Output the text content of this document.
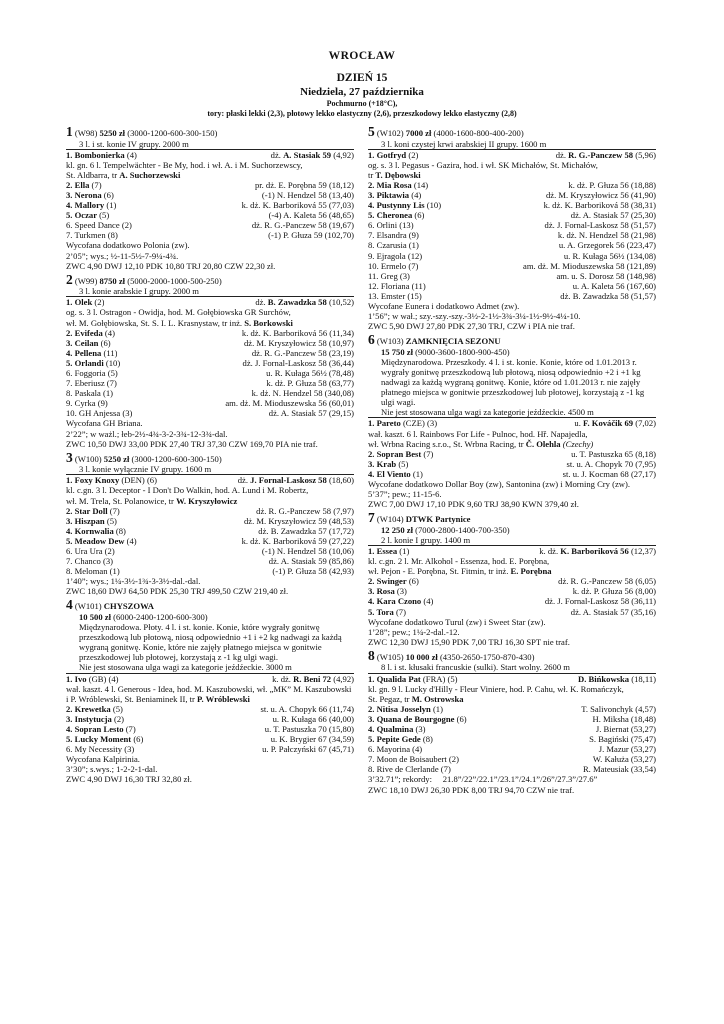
WROCŁAW
DZIEŃ 15
Niedziela, 27 października
Pochmurno (+18°C),
tory: płaski lekki (2,3), płotowy lekko elastyczny (2,6), przeszkodowy lekko elastyczny (2,8)
1 (W98) 5250 zł (3000-1200-600-300-150)
3 l. i st. konie IV grupy. 2000 m
1. Bombonierka (4)	dż. A. Stasiak 59 (4,92)
kl. gn. 6 l. Tempelwächter - Be My, hod. i wł. A. i M. Suchorzewscy,
St. Aldbarra, tr A. Suchorzewski
2. Ella (7)	pr. dż. E. Porębna 59 (18,12)
3. Nerona (6)	(-1) N. Hendzel 58 (13,40)
4. Mallory (1)	k. dż. K. Barboriková 55 (77,03)
5. Oczar (5)	(-4) A. Kaleta 56 (48,65)
6. Speed Dance (2)	dż. R. G.-Panczew 58 (19,67)
7. Turkmen (8)	(-1) P. Głuza 59 (102,70)
Wycofana dodatkowo Polonia (zw).
2’05”; wys.; ½-11-5½-7-9¼-4¾.
ZWC 4,90 DWJ 12,10 PDK 10,80 TRJ 20,80 CZW 22,30 zł.
2 (W99) 8750 zł (5000-2000-1000-500-250)
3 l. konie arabskie I grupy. 2000 m
1. Olek (2)	dż. B. Zawadzka 58 (10,52)
og. s. 3 l. Ostragon - Owidja, hod. M. Gołębiowska GR Surchów,
wł. M. Gołębiowska, St. S. I. L. Krasnystaw, tr inż. S. Borkowski
2. Evifeda (4)	k. dż. K. Barboriková 56 (11,34)
3. Ceilan (6)	dż. M. Kryszyłowicz 58 (10,97)
4. Pellena (11)	dż. R. G.-Panczew 58 (23,19)
5. Orlandi (10)	dż. J. Fornal-Laskosz 58 (36,44)
6. Foggoria (5)	u. R. Kułaga 56½ (78,48)
7. Eberiusz (7)	k. dż. P. Głuza 58 (63,77)
8. Paskala (1)	k. dż. N. Hendzel 58 (340,08)
9. Cyrka (9)	am. dż. M. Mioduszewska 56 (60,01)
10. GH Anjessa (3)	dż. A. Stasiak 57 (29,15)
Wycofana GH Briana.
2’22”; w ważl.; łeb-2½-4¾-3-2-3¾-12-3¾-dal.
ZWC 10,50 DWJ 33,00 PDK 27,40 TRJ 37,30 CZW 169,70 PIA nie traf.
3 (W100) 5250 zł (3000-1200-600-300-150)
3 l. konie wyłącznie IV grupy. 1600 m
1. Foxy Knoxy (DEN) (6)	dż. J. Fornal-Laskosz 58 (18,60)
kl. c.gn. 3 l. Deceptor - I Don't Do Walkin, hod. A. Lund i M. Robertz,
wł. M. Trela, St. Polanowice, tr W. Kryszyłowicz
2. Star Doll (7)	dż. R. G.-Panczew 58 (7,97)
3. Hiszpan (5)	dż. M. Kryszyłowicz 59 (48,53)
4. Kornwalia (8)	dż. B. Zawadzka 57 (17,72)
5. Meadow Dew (4)	k. dż. K. Barboriková 59 (27,22)
6. Ura Ura (2)	(-1) N. Hendzel 58 (10,06)
7. Chanco (3)	dż. A. Stasiak 59 (85,86)
8. Meloman (1)	(-1) P. Głuza 58 (42,93)
1’40”; wys.; 1¼-3½-1¾-3-3½-dal.-dal.
ZWC 18,60 DWJ 64,50 PDK 25,30 TRJ 499,50 CZW 219,40 zł.
4 (W101) CHYSZOWA
10 500 zł (6000-2400-1200-600-300)
Międzynarodowa. Płoty. 4 l. i st. konie. Konie, które wygrały gonitwę przeszkodową lub płotową, niosą odpowiednio +1 i +2 kg nadwagi za każdą wygraną gonitwę. Konie, które nie zajęły płatnego miejsca w gonitwie przeszkodowej lub płotowej, korzystają z -1 kg ulgi wagi.
Nie jest stosowana ulga wagi za kategorie jeźdźeckie. 3000 m
1. Ivo (GB) (4)	k. dż. R. Beni 72 (4,92)
wał. kaszt. 4 l. Generous - Idea, hod. M. Kaszubowski, wł. „MK” M. Kaszubowski i P. Wróblewski, St. Beniaminek II, tr P. Wróblewski
2. Krewetka (5)	st. u. A. Chopyk 66 (11,74)
3. Instytucja (2)	u. R. Kułaga 66 (40,00)
4. Sopran Lesto (7)	u. T. Pastuszka 70 (15,80)
5. Lucky Moment (6)	u. K. Brygier 67 (34,59)
6. My Necessity (3)	u. P. Pałczyński 67 (45,71)
Wycofana Kalpirinia.
3’30”; s.wys.; 1-2-2-1-dal.
ZWC 4,90 DWJ 16,30 TRJ 32,80 zł.
5 (W102) 7000 zł (4000-1600-800-400-200)
3 l. koni czystej krwi arabskiej II grupy. 1600 m
1. Gotfryd (2)	dż. R. G.-Panczew 58 (5,96)
og. s. 3 l. Pegasus - Gazira, hod. i wł. SK Michałów, St. Michałów,
tr T. Dębowski
2. Mia Rosa (14)	k. dż. P. Głuza 56 (18,88)
3. Piktawia (4)	dż. M. Kryszyłowicz 56 (41,90)
4. Pustynny Lis (10)	k. dż. K. Barboriková 58 (38,31)
5. Cheronea (6)	dż. A. Stasiak 57 (25,30)
6. Orlini (13)	dż. J. Fornal-Laskosz 58 (51,57)
7. Elsandra (9)	k. dż. N. Hendzel 58 (21,98)
8. Czarusia (1)	u. A. Grzegorek 56 (223,47)
9. Ejragola (12)	u. R. Kułaga 56½ (134,08)
10. Ermelo (7)	am. dż. M. Mioduszewska 58 (121,89)
11. Greg (3)	am. u. S. Dorosz 58 (148,98)
12. Floriana (11)	u. A. Kaleta 56 (167,60)
13. Emster (15)	dż. B. Zawadzka 58 (51,57)
Wycofane Eunera i dodatkowo Admet (zw).
1’56”; w wał.; szy.-szy.-szy.-3½-2-1½-3¾-3¼-1½-9½-4¼-10.
ZWC 5,90 DWJ 27,80 PDK 27,30 TRJ, CZW i PIA nie traf.
6 (W103) ZAMKNIĘCIA SEZONU
15 750 zł (9000-3600-1800-900-450)
Międzynarodowa. Przeszkody. 4 l. i st. konie. Konie, które od 1.01.2013 r. wygrały gonitwę przeszkodową lub płotową, niosą odpowiednio +2 i +1 kg nadwagi za każdą wygraną gonitwę. Konie, które od 1.01.2013 r. nie zajęły płatnego miejsca w gonitwie przeszkodowej lub płotowej, korzystają z -1 kg ulgi wagi.
Nie jest stosowana ulga wagi za kategorie jeźdźeckie. 4500 m
1. Pareto (CZE) (3)	u. F. Kováčik 69 (7,02)
wał. kaszt. 6 l. Rainbows For Life - Pulnoc, hod. Hř. Napajedla,
wł. Wrbna Racing s.r.o., St. Wrbna Racing, tr Č. Olehla (Czechy)
2. Sopran Best (7)	u. T. Pastuszka 65 (8,18)
3. Krab (5)	st. u. A. Chopyk 70 (7,95)
4. El Viento (1)	st. u. J. Kocman 68 (27,17)
Wycofane dodatkowo Dollar Boy (zw), Santonina (zw) i Morning Cry (zw).
5’37”; pew.; 11-15-6.
ZWC 7,00 DWJ 17,10 PDK 9,60 TRJ 38,90 KWN 379,40 zł.
7 (W104) DTWK Partynice
12 250 zł (7000-2800-1400-700-350)
2 l. konie I grupy. 1400 m
1. Essea (1)	k. dż. K. Barboriková 56 (12,37)
kl. c.gn. 2 l. Mr. Alkohol - Essenza, hod. E. Porębna,
wł. Pejon - E. Porębna, St. Fitmin, tr inż. E. Porębna
2. Swinger (6)	dż. R. G.-Panczew 58 (6,05)
3. Rosa (3)	k. dż. P. Głuza 56 (8,00)
4. Kara Czono (4)	dż. J. Fornal-Laskosz 58 (36,11)
5. Tora (7)	dż. A. Stasiak 57 (35,16)
Wycofane dodatkowo Turul (zw) i Sweet Star (zw).
1’28”; pew.; 1¼-2-dal.-12.
ZWC 12,30 DWJ 15,90 PDK 7,00 TRJ 16,30 SPT nie traf.
8 (W105) 10 000 zł (4350-2650-1750-870-430)
8 l. i st. kłusaki francuskie (sulki). Start wolny. 2600 m
1. Qualida Pat (FRA) (5)	D. Bińkowska (18,11)
kl. gn. 9 l. Lucky d'Hilly - Fleur Viniere, hod. P. Cahu, wł. K. Romańczyk,
St. Pegaz, tr M. Ostrowska
2. Nitisa Josselyn (1)	T. Salivonchyk (4,57)
3. Quana de Bourgogne (6)	H. Miksha (18,48)
4. Qualmina (3)	J. Biernat (53,27)
5. Pepite Gede (8)	S. Bagiński (75,47)
6. Mayorina (4)	J. Mazur (53,27)
7. Moon de Boisaubert (2)	W. Kałuża (53,27)
8. Rive de Clerlande (7)	R. Mateusiak (33,54)
3’32.71”; rekordy:     21.8”/22”/22.1”/23.1”/24.1”/26”/27.3”/27.6”
ZWC 18,10 DWJ 26,30 PDK 8,00 TRJ 94,70 CZW nie traf.
